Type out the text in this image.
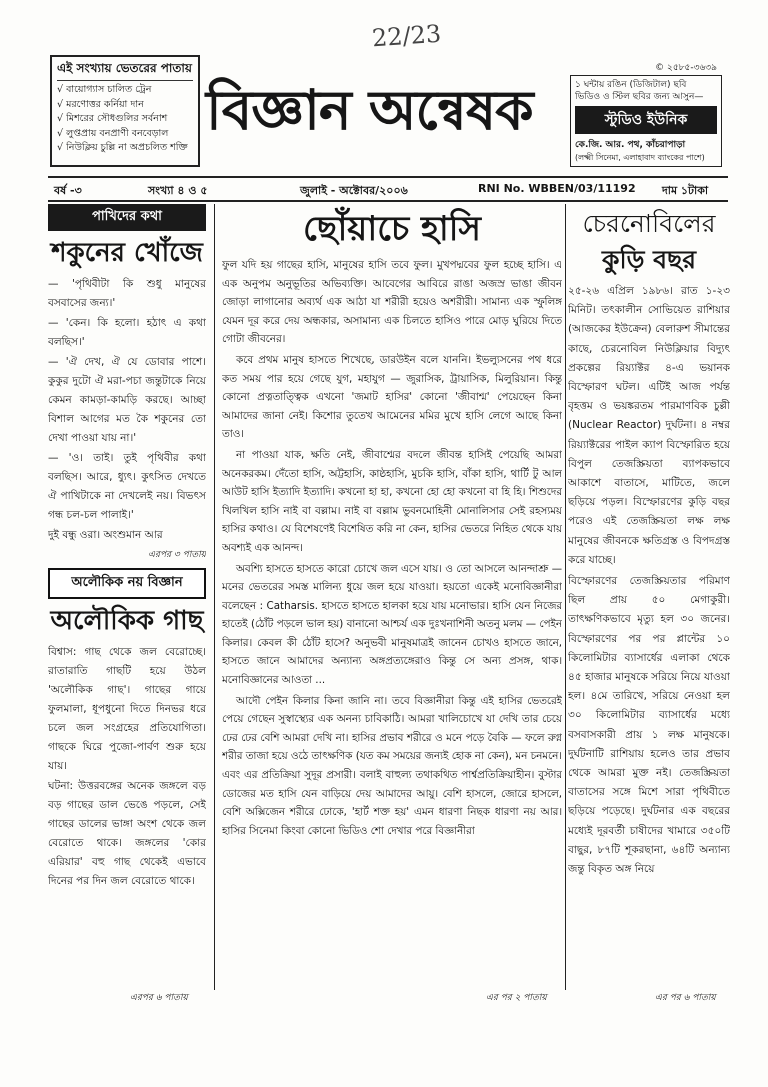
22/23
এই সংখ্যায় ভেতরের পাতায়
√ বায়োগ্যাস চালিত ট্রেন
√ মরণোত্তর কর্নিয়া দান
√ মিশরের সৌধগুলির সর্বনাশ
√ লুপ্তপ্রায় বনপ্রাণী বনবেড়াল
√ নিউক্লিয় চুল্লি না অপ্রচলিত শক্তি
বিজ্ঞান অন্বেষক
© ২৫৮৫-৩৬৩৯
১ ঘন্টায় রঙিন (ডিজিটাল) ছবি
ভিডিও ও স্টিল ছবির জন্য আসুন—
স্টুডিও ইউনিক
কে.জি. আর. পথ, কাঁচরাপাড়া
(লক্ষ্মী সিনেমা, এলাহাবাদ ব্যাংকের পাশে)
বর্ষ -৩	সংখ্যা ৪ ও ৫	জুলাই - অক্টোবর/২০০৬	RNI No. WBBEN/03/11192 দাম ১টাকা
পাখিদের কথা
শকুনের খোঁজে

— 'পৃথিবীটা কি শুধু মানুষের বসবাসের জন্য।'

— 'কেন। কি হলো। হঠাৎ এ কথা বলছিস।'

— 'ঐ দেখ, ঐ যে ডোবার পাশে। কুকুর দুটো ঐ মরা-পচা জন্তুটাকে নিয়ে কেমন কামড়া-কামড়ি করছে। আচ্ছা বিশাল আগের মত কৈ শকুনের তো দেখা পাওয়া যায় না।'

— 'ও। তাই। তুই পৃথিবীর কথা বলছিস। আরে, ধ্যুৎ। কুৎসিত দেখতে ঐ পাখিটাকে না দেখলেই নয়। বিভৎস গন্ধ চল-চল পালাই।'

দুই বন্ধু ওরা। অংশুমান আর

এরপর ৩ পাতায়
অলৌকিক নয় বিজ্ঞান
অলৌকিক গাছ

বিশ্বাস: গাছ থেকে জল বেরোচ্ছে। রাতারাতি গাছটি হয়ে উঠল 'অলৌকিক গাছ'। গাছের গায়ে ফুলমালা, ধূপধুনো দিতে দিনভর ধরে চলে জল সংগ্রহের প্রতিযোগিতা। গাছকে ঘিরে পুজো-পার্বণ শুরু হয়ে যায়।

ঘটনা: উত্তরবঙ্গের অনেক জঙ্গলে বড় বড় গাছের ডাল ভেঙে পড়লে, সেই গাছের ডালের ভাঙ্গা অংশ থেকে জল বেরোতে থাকে। জঙ্গলের 'কোর এরিয়ার' বহু গাছ থেকেই এভাবে দিনের পর দিন জল বেরোতে থাকে।

এরপর ৬ পাতায়
ছোঁয়াচে হাসি

ফুল যদি হয় গাছের হাসি, মানুষের হাসি তবে ফুল। মুখপদ্মবের ফুল হচ্ছে হাসি। এ এক অনুপম অনুভূতির অভিব্যক্তি। আবেগের আবিরে রাঙা অজস্র ভাঙা জীবন জোড়া লাগানোর অব্যর্থ এক আঠা যা শরীরী হয়েও অশরীরী। সামান্য এক স্ফুলিঙ্গ যেমন দূর করে দেয় অন্ধকার, অসামান্য এক চিলতে হাসিও পারে মোড় ঘুরিয়ে দিতে গোটা জীবনের।

কবে প্রথম মানুষ হাসতে শিখেছে, ডারউইন বলে যাননি। ইভল্যুসনের পথ ধরে কত সময় পার হয়ে গেছে যুগ, মহাযুগ — জুরাসিক, ট্রায়াসিক, মিলুরিয়ান। কিন্তু কোনো প্রত্নতাত্ত্বিক এখনো 'জমাট হাসির' কোনো 'জীবাশ্ম' পেয়েছেন কিনা আমাদের জানা নেই। কিশোর তুতেখ আমেনের মমির মুখে হাসি লেগে আছে কিনা তাও।

না পাওয়া যাক, ক্ষতি নেই, জীবাশ্মের বদলে জীবন্ত হাসিই পেয়েছি আমরা অনেকরকম। দেঁতো হাসি, অট্টহাসি, কাষ্ঠহাসি, মুচকি হাসি, বাঁকা হাসি, থার্টি টু আল আউট হাসি ইত্যাদি ইত্যাদি। কখনো হা হা, কখনো হো হো কখনো বা হি হি। শিশুদের খিলখিল হাসি নাই বা বল্লাম। নাই বা বল্লাম ভুবনমোহিনী মোনালিসার সেই রহস্যময় হাসির কথাও। যে বিশেষণেই বিশেষিত করি না কেন, হাসির ভেতরে নিহিত থেকে যায় অবশ্যই এক আনন্দ।

অবশ্যি হাসতে হাসতে কারো চোখে জল এসে যায়। ও তো আসলে আনন্দাশ্রু — মনের ভেতরের সমস্ত মালিন্য ধুয়ে জল হয়ে যাওয়া। হয়তো একেই মনোবিজ্ঞানীরা বলেছেন : Catharsis. হাসতে হাসতে হালকা হয়ে যায় মনোভার। হাসি যেন নিজের হাতেই (ঠোঁট পড়লে ভাল হয়) বানানো আশ্চর্য এক দুঃখনাশিনী অতনু মলম — পেইন কিলার। কেবল কী ঠোঁট হাসে? অনুভবী মানুষমাত্রই জানেন চোখও হাসতে জানে, হাসতে জানে আমাদের অন্যান্য অঙ্গপ্রত্যঙ্গেরাও কিন্তু সে অন্য প্রসঙ্গ, থাক। মনোবিজ্ঞানের আওতা ...

আদৌ পেইন কিলার কিনা জানি না। তবে বিজ্ঞানীরা কিন্তু এই হাসির ভেতরেই পেয়ে গেছেন সুস্বাস্থ্যের এক অনন্য চাবিকাঠি। আমরা খালিচোখে যা দেখি তার চেয়ে ঢের ঢের বেশি আমরা দেখি না। হাসির প্রভাব শরীরে ও মনে পড়ে বৈকি — ফলে রুগ্ন শরীর তাজা হয়ে ওঠে তাৎক্ষণিক (যত কম সময়ের জন্যই হোক না কেন), মন চনমনে। এবং এর প্রতিক্রিয়া সুদূর প্রসারী। বলাই বাহুল্য তথাকথিত পার্শ্বপ্রতিক্রিয়াহীন। বুস্টার ডোজের মত হাসি যেন বাড়িয়ে দেয় আমাদের আয়ু। বেশি হাসলে, জোরে হাসলে, বেশি অক্সিজেন শরীরে ঢোকে, 'হার্ট শক্ত হয়' এমন ধারণা নিছক ধারণা নয় আর। হাসির সিনেমা কিংবা কোনো ভিডিও শো দেখার পরে বিজ্ঞানীরা

এর পর ২ পাতায়
চেরনোবিলের
কুড়ি বছর

২৫-২৬ এপ্রিল ১৯৮৬। রাত ১-২৩ মিনিট। তৎকালীন সোভিয়েত রাশিয়ার (আজকের ইউক্রেন) বেলারুশ সীমান্তের কাছে, চেরনোবিল নিউক্লিয়ার বিদ্যুৎ প্রকল্পের রিয়্যাক্টর ৪-এ ভয়ানক বিস্ফোরণ ঘটল। এটিই আজ পর্যন্ত বৃহত্তম ও ভয়ঙ্করতম পারমাণবিক চুল্লী (Nuclear Reactor) দুর্ঘটনা। ৪ নম্বর রিয়্যাক্টরের পাইল ক্যাপ বিস্ফোরিত হয়ে বিপুল তেজস্ক্রিয়তা ব্যাপকভাবে আকাশে বাতাসে, মাটিতে, জলে ছড়িয়ে পড়ল। বিস্ফোরণের কুড়ি বছর পরেও এই তেজস্ক্রিয়তা লক্ষ লক্ষ মানুষের জীবনকে ক্ষতিগ্রস্ত ও বিপদগ্রস্ত করে যাচ্ছে।

বিস্ফোরণের তেজস্ক্রিয়তার পরিমাণ ছিল প্রায় ৫০ মেগাকুরী। তাৎক্ষণিকভাবে মৃত্যু হল ৩০ জনের। বিস্ফোরণের পর পর প্লান্টের ১০ কিলোমিটার ব্যাসার্ধের এলাকা থেকে ৪৫ হাজার মানুষকে সরিয়ে নিয়ে যাওয়া হল। ৪মে তারিখে, সরিয়ে নেওয়া হল ৩০ কিলোমিটার ব্যাসার্ধের মধ্যে বসবাসকারী প্রায় ১ লক্ষ মানুষকে। দুর্ঘটনাটি রাশিয়ায় হলেও তার প্রভাব থেকে আমরা মুক্ত নই। তেজস্ক্রিয়তা বাতাসের সঙ্গে মিশে সারা পৃথিবীতে ছড়িয়ে পড়েছে। দুর্ঘটনার এক বছরের মধ্যেই দূরবর্তী চাষীদের খামারে ৩৫০টি বাছুর, ৮৭টি শূকরছানা, ৬৪টি অন্যান্য জন্তু বিকৃত অঙ্গ নিয়ে

এর পর ৬ পাতায়
